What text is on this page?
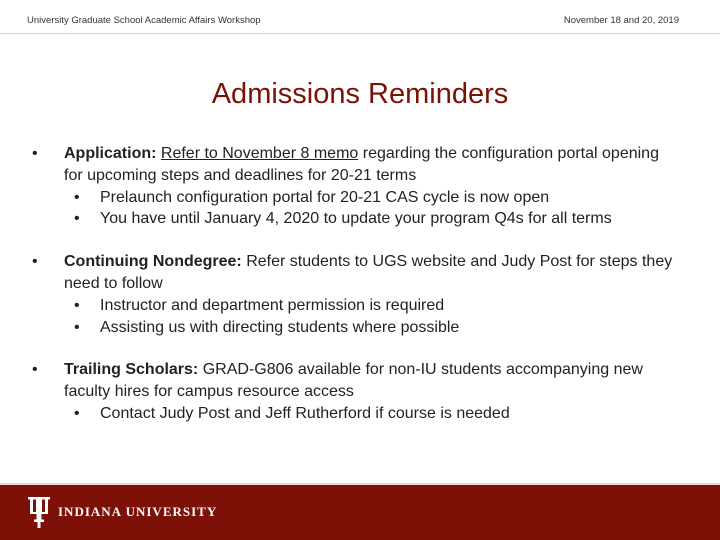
University Graduate School Academic Affairs Workshop	November 18 and 20, 2019
Admissions Reminders
•	Application: Refer to November 8 memo regarding the configuration portal opening for upcoming steps and deadlines for 20-21 terms
• Prelaunch configuration portal for 20-21 CAS cycle is now open
• You have until January 4, 2020 to update your program Q4s for all terms
•	Continuing Nondegree: Refer students to UGS website and Judy Post for steps they need to follow
• Instructor and department permission is required
• Assisting us with directing students where possible
•	Trailing Scholars: GRAD-G806 available for non-IU students accompanying new faculty hires for campus resource access
• Contact Judy Post and Jeff Rutherford if course is needed
INDIANA UNIVERSITY
